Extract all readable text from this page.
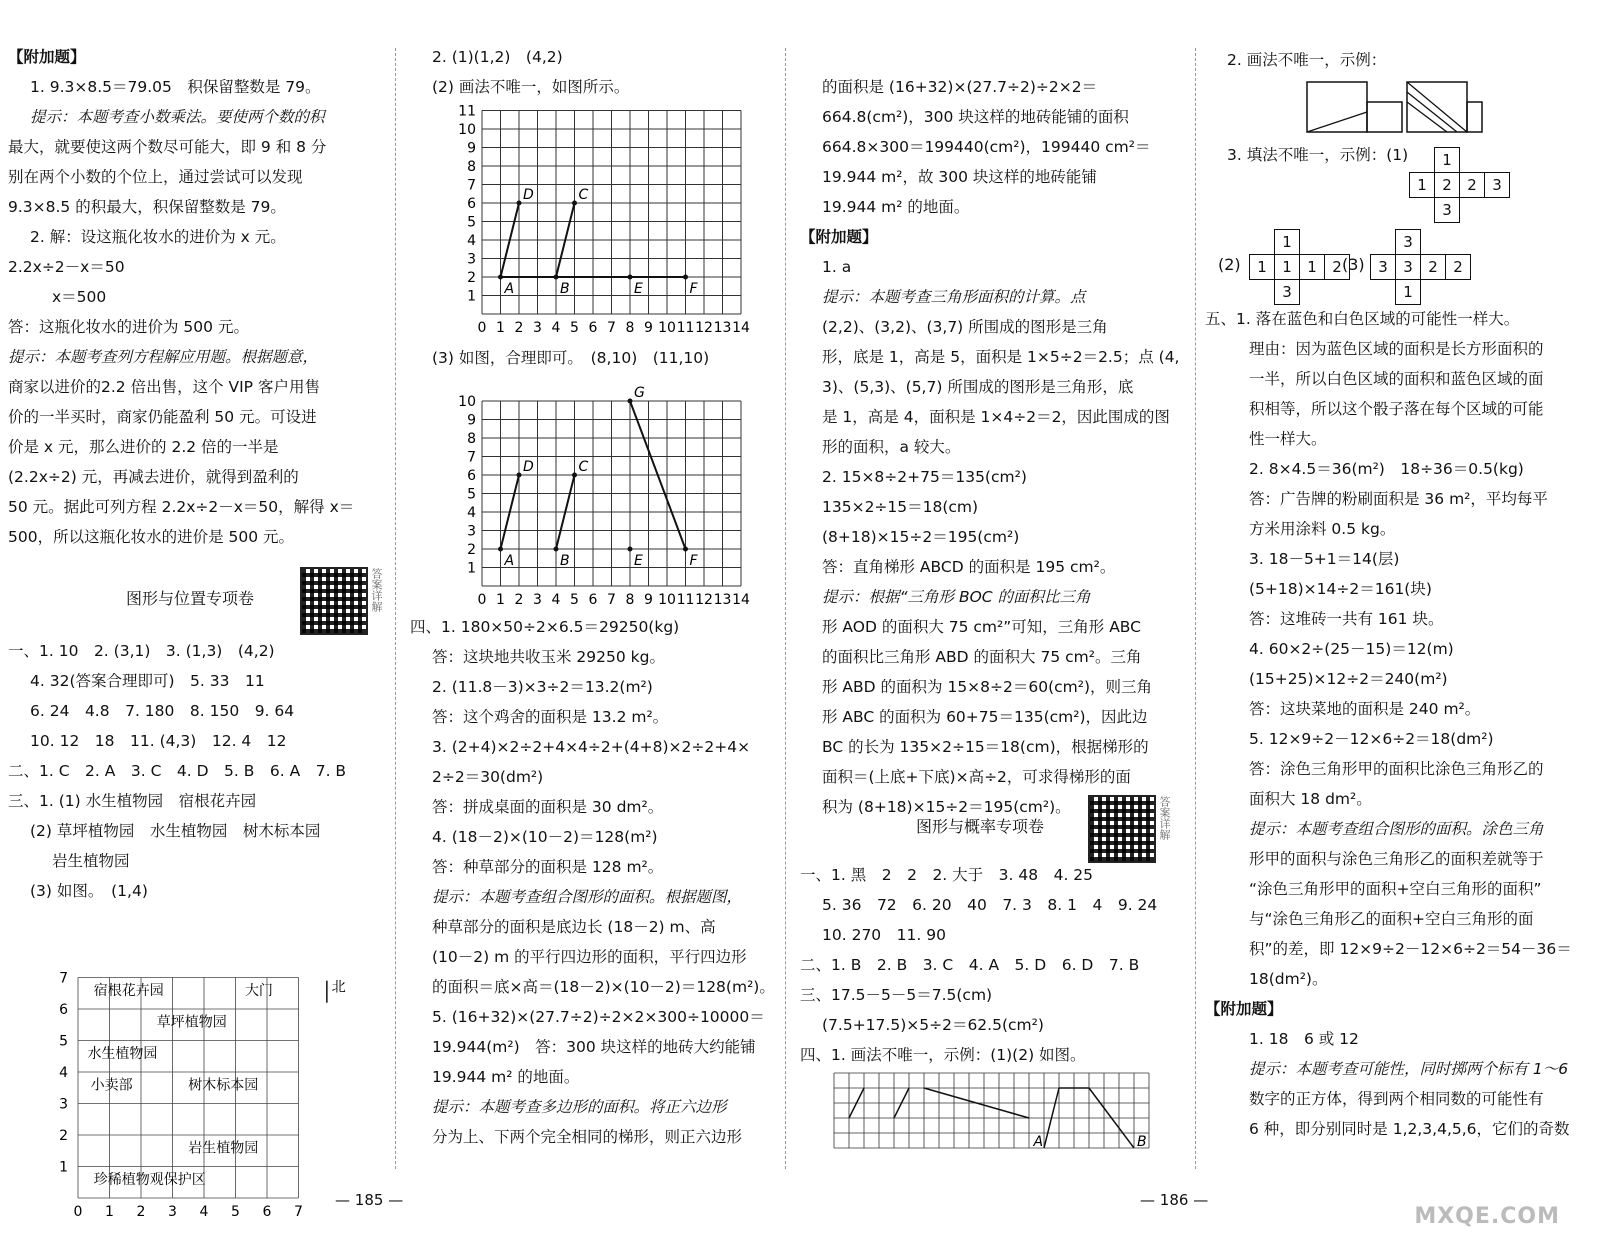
【附加题】
1. 9.3×8.5＝79.05　积保留整数是 79。
提示：本题考查小数乘法。要使两个数的积
最大，就要使这两个数尽可能大，即 9 和 8 分
别在两个小数的个位上，通过尝试可以发现
9.3×8.5 的积最大，积保留整数是 79。
2. 解：设这瓶化妆水的进价为 x 元。
2.2x÷2－x＝50
x＝500
答：这瓶化妆水的进价为 500 元。
提示：本题考查列方程解应用题。根据题意，
商家以进价的2.2 倍出售，这个 VIP 客户用售
价的一半买时，商家仍能盈利 50 元。可设进
价是 x 元，那么进价的 2.2 倍的一半是
(2.2x÷2) 元，再减去进价，就得到盈利的
50 元。据此可列方程 2.2x÷2－x＝50，解得 x＝
500，所以这瓶化妆水的进价是 500 元。
图形与位置专项卷	答案详解
一、1. 10　2. (3,1)　3. (1,3)　(4,2)
4. 32(答案合理即可)　5. 33　11
6. 24　4.8　7. 180　8. 150　9. 64
10. 12　18　11. (4,3)　12. 4　12
二、1. C　2. A　3. C　4. D　5. B　6. A　7. B
三、1. (1) 水生植物园　宿根花卉园
(2) 草坪植物园　水生植物园　树木标本园
岩生植物园
(3) 如图。　(1,4)
0 1 2 3 4 5 6 7
1
2
3
4
5
6
7
宿根花卉园	大门
草坪植物园
水生植物园
小卖部	树木标本园
岩生植物园
珍稀植物观保护区
北
2. (1)(1,2)　(4,2)
(2) 画法不唯一，如图所示。
0 1 2 3 4 5 6 7 8 9 10 11 12 13 14
1
2
3
4
5
6
7
8
9
10
11
A	B	E	F
D	C
(3) 如图，合理即可。　(8,10)　(11,10)
0 1 2 3 4 5 6 7 8 9 10 11 12 13 14
1
2
3
4
5
6
7
8
9
10
A	B	E	F
D	C
G
四、1. 180×50÷2×6.5＝29250(kg)
答：这块地共收玉米 29250 kg。
2. (11.8－3)×3÷2＝13.2(m²)
答：这个鸡舍的面积是 13.2 m²。
3. (2+4)×2÷2+4×4÷2+(4+8)×2÷2+4×
2÷2＝30(dm²)
答：拼成桌面的面积是 30 dm²。
4. (18－2)×(10－2)＝128(m²)
答：种草部分的面积是 128 m²。
提示：本题考查组合图形的面积。根据题图，
种草部分的面积是底边长 (18－2) m、高
(10－2) m 的平行四边形的面积，平行四边形
的面积＝底×高＝(18－2)×(10－2)＝128(m²)。
5. (16+32)×(27.7÷2)÷2×2×300÷10000＝
19.944(m²)　答：300 块这样的地砖大约能铺
19.944 m² 的地面。
提示：本题考查多边形的面积。将正六边形
分为上、下两个完全相同的梯形，则正六边形
的面积是 (16+32)×(27.7÷2)÷2×2＝
664.8(cm²)，300 块这样的地砖能铺的面积
664.8×300＝199440(cm²)，199440 cm²＝
19.944 m²，故 300 块这样的地砖能铺
19.944 m² 的地面。
【附加题】
1. a
提示：本题考查三角形面积的计算。点
(2,2)、(3,2)、(3,7) 所围成的图形是三角
形，底是 1，高是 5，面积是 1×5÷2＝2.5；点 (4,
3)、(5,3)、(5,7) 所围成的图形是三角形，底
是 1，高是 4，面积是 1×4÷2＝2，因此围成的图
形的面积，a 较大。
2. 15×8÷2+75＝135(cm²)
135×2÷15＝18(cm)
(8+18)×15÷2＝195(cm²)
答：直角梯形 ABCD 的面积是 195 cm²。
提示：根据“三角形 BOC 的面积比三角
形 AOD 的面积大 75 cm²”可知，三角形 ABC
的面积比三角形 ABD 的面积大 75 cm²。三角
形 ABD 的面积为 15×8÷2＝60(cm²)，则三角
形 ABC 的面积为 60+75＝135(cm²)，因此边
BC 的长为 135×2÷15＝18(cm)，根据梯形的
面积＝(上底+下底)×高÷2，可求得梯形的面
积为 (8+18)×15÷2＝195(cm²)。
图形与概率专项卷	答案详解
一、1. 黑　2　2　2. 大于　3. 48　4. 25
5. 36　72　6. 20　40　7. 3　8. 1　4　9. 24
10. 270　11. 90
二、1. B　2. B　3. C　4. A　5. D　6. D　7. B
三、17.5－5－5＝7.5(cm)
(7.5+17.5)×5÷2＝62.5(cm²)
四、1. 画法不唯一，示例：(1)(2) 如图。
A	B
2. 画法不唯一，示例：
3. 填法不唯一，示例：(1)	1
1	2	2	3
3
(2)
1
1	1	1	2
3
(3)
3
3	3	2	2
1
五、1. 落在蓝色和白色区域的可能性一样大。
理由：因为蓝色区域的面积是长方形面积的
一半，所以白色区域的面积和蓝色区域的面
积相等，所以这个骰子落在每个区域的可能
性一样大。
2. 8×4.5＝36(m²)　18÷36＝0.5(kg)
答：广告牌的粉刷面积是 36 m²，平均每平
方米用涂料 0.5 kg。
3. 18－5+1＝14(层)
(5+18)×14÷2＝161(块)
答：这堆砖一共有 161 块。
4. 60×2÷(25－15)＝12(m)
(15+25)×12÷2＝240(m²)
答：这块菜地的面积是 240 m²。
5. 12×9÷2－12×6÷2＝18(dm²)
答：涂色三角形甲的面积比涂色三角形乙的
面积大 18 dm²。
提示：本题考查组合图形的面积。涂色三角
形甲的面积与涂色三角形乙的面积差就等于
“涂色三角形甲的面积+空白三角形的面积”
与“涂色三角形乙的面积+空白三角形的面
积”的差，即 12×9÷2－12×6÷2＝54－36＝
18(dm²)。
【附加题】
1. 18　6 或 12
提示：本题考查可能性，同时掷两个标有 1～6
数字的正方体，得到两个相同数的可能性有
6 种，即分别同时是 1,2,3,4,5,6，它们的奇数
— 185 —	— 186 —
MXQE.COM
